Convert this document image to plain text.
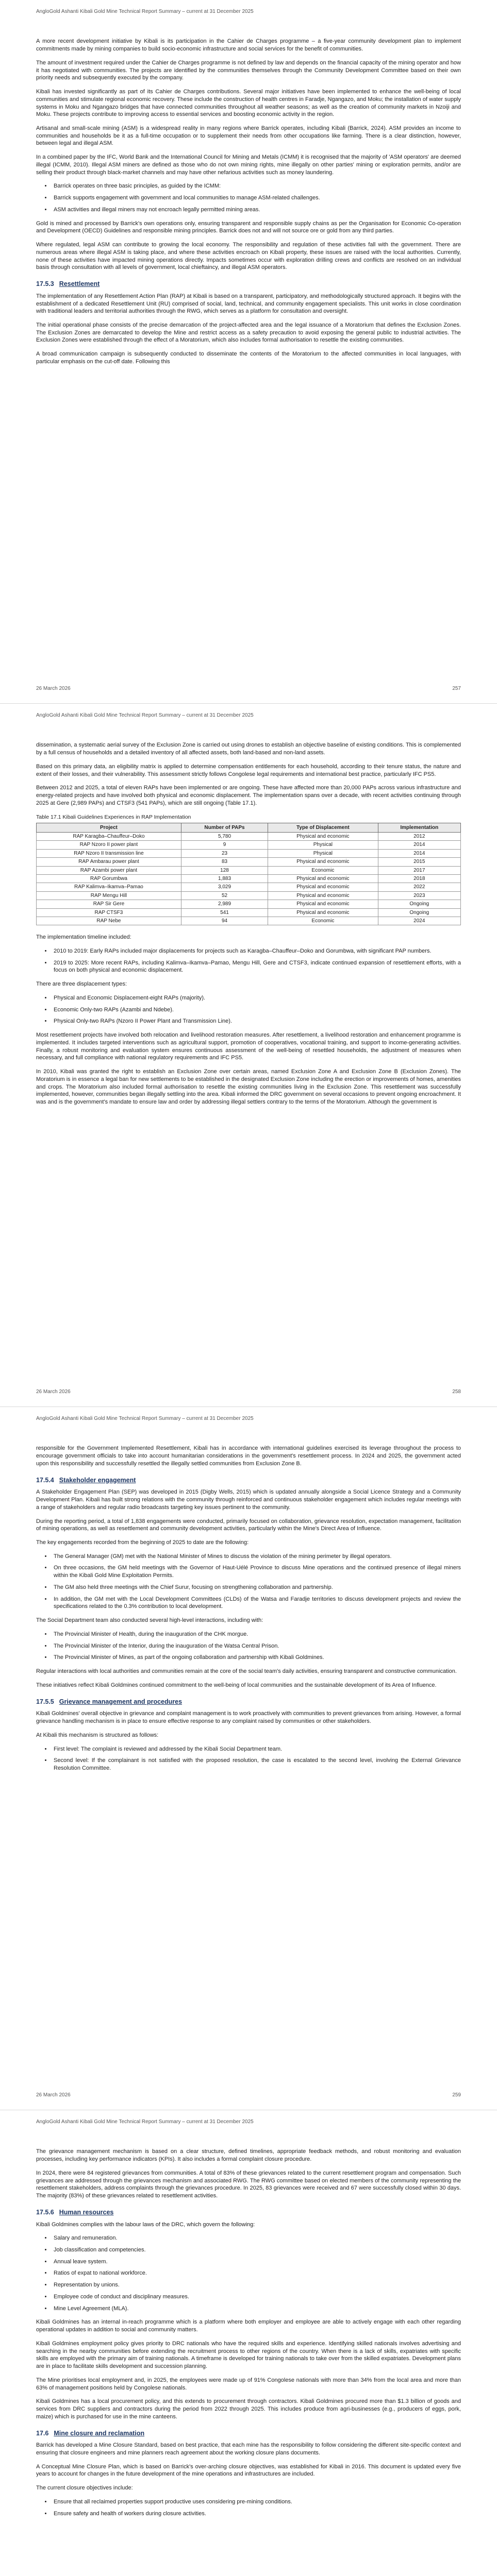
AngloGold Ashanti Kibali Gold Mine Technical Report Summary – current at 31 December 2025

A more recent development initiative by Kibali is its participation in the Cahier de Charges programme – a five-year community development plan to implement commitments made by mining companies to build socio-economic infrastructure and social services for the benefit of communities.

The amount of investment required under the Cahier de Charges programme is not defined by law and depends on the financial capacity of the mining operator and how it has negotiated with communities. The projects are identified by the communities themselves through the Community Development Committee based on their own priority needs and subsequently executed by the company.

Kibali has invested significantly as part of its Cahier de Charges contributions. Several major initiatives have been implemented to enhance the well-being of local communities and stimulate regional economic recovery. These include the construction of health centres in Faradje, Ngangazo, and Moku; the installation of water supply systems in Moku and Ngangazo bridges that have connected communities throughout all weather seasons; as well as the creation of community markets in Nzoiji and Moku. These projects contribute to improving access to essential services and boosting economic activity in the region.

Artisanal and small-scale mining (ASM) is a widespread reality in many regions where Barrick operates, including Kibali (Barrick, 2024). ASM provides an income to communities and households be it as a full-time occupation or to supplement their needs from other occupations like farming. There is a clear distinction, however, between legal and illegal ASM.

In a combined paper by the IFC, World Bank and the International Council for Mining and Metals (ICMM) it is recognised that the majority of 'ASM operators' are deemed illegal (ICMM, 2010). Illegal ASM miners are defined as those who do not own mining rights, mine illegally on other parties' mining or exploration permits, and/or are selling their product through black-market channels and may have other nefarious activities such as money laundering.

• Barrick operates on three basic principles, as guided by the ICMM:
• Barrick supports engagement with government and local communities to manage ASM-related challenges.
• ASM activities and illegal miners may not encroach legally permitted mining areas.

Gold is mined and processed by Barrick's own operations only, ensuring transparent and responsible supply chains as per the Organisation for Economic Co-operation and Development (OECD) Guidelines and responsible mining principles. Barrick does not and will not source ore or gold from any third parties.

Where regulated, legal ASM can contribute to growing the local economy. The responsibility and regulation of these activities fall with the government. There are numerous areas where illegal ASM is taking place, and where these activities encroach on Kibali property, these issues are raised with the local authorities. Currently, none of these activities have impacted mining operations directly. Impacts sometimes occur with exploration drilling crews and conflicts are resolved on an individual basis through consultation with all levels of government, local chieftaincy, and illegal ASM operators.

17.5.3 Resettlement

The implementation of any Resettlement Action Plan (RAP) at Kibali is based on a transparent, participatory, and methodologically structured approach. It begins with the establishment of a dedicated Resettlement Unit (RU) comprised of social, land, technical, and community engagement specialists. This unit works in close coordination with traditional leaders and territorial authorities through the RWG, which serves as a platform for consultation and oversight.

The initial operational phase consists of the precise demarcation of the project-affected area and the legal issuance of a Moratorium that defines the Exclusion Zones. The Exclusion Zones are demarcated to develop the Mine and restrict access as a safety precaution to avoid exposing the general public to industrial activities. The Exclusion Zones were established through the effect of a Moratorium, which also includes formal authorisation to resettle the existing communities.

A broad communication campaign is subsequently conducted to disseminate the contents of the Moratorium to the affected communities in local languages, with particular emphasis on the cut-off date. Following this

26 March 2026	257
AngloGold Ashanti Kibali Gold Mine Technical Report Summary – current at 31 December 2025

dissemination, a systematic aerial survey of the Exclusion Zone is carried out using drones to establish an objective baseline of existing conditions. This is complemented by a full census of households and a detailed inventory of all affected assets, both land-based and non-land assets.

Based on this primary data, an eligibility matrix is applied to determine compensation entitlements for each household, according to their tenure status, the nature and extent of their losses, and their vulnerability. This assessment strictly follows Congolese legal requirements and international best practice, particularly IFC PS5.

Between 2012 and 2025, a total of eleven RAPs have been implemented or are ongoing. These have affected more than 20,000 PAPs across various infrastructure and energy-related projects and have involved both physical and economic displacement. The implementation spans over a decade, with recent activities continuing through 2025 at Gere (2,989 PAPs) and CTSF3 (541 PAPs), which are still ongoing (Table 17.1).

Table 17.1 Kibali Guidelines Experiences in RAP Implementation
Project	Number of PAPs	Type of Displacement	Implementation
RAP Karagba–Chauffeur–Doko	5,780	Physical and economic	2012
RAP Nzoro II power plant	9	Physical	2014
RAP Nzoro II transmission line	23	Physical	2014
RAP Ambarau power plant	83	Physical and economic	2015
RAP Azambi power plant	128	Economic	2017
RAP Gorumbwa	1,883	Physical and economic	2018
RAP Kalimva–Ikamva–Pamao	3,029	Physical and economic	2022
RAP Mengu Hill	52	Physical and economic	2023
RAP Sir Gere	2,989	Physical and economic	Ongoing
RAP CTSF3	541	Physical and economic	Ongoing
RAP Nebe	94	Economic	2024

The implementation timeline included:

• 2010 to 2019: Early RAPs included major displacements for projects such as Karagba–Chauffeur–Doko and Gorumbwa, with significant PAP numbers.
• 2019 to 2025: More recent RAPs, including Kalimva–Ikamva–Pamao, Mengu Hill, Gere and CTSF3, indicate continued expansion of resettlement efforts, with a focus on both physical and economic displacement.

There are three displacement types:

• Physical and Economic Displacement-eight RAPs (majority).
• Economic Only-two RAPs (Azambi and Ndebe).
• Physical Only-two RAPs (Nzoro II Power Plant and Transmission Line).

Most resettlement projects have involved both relocation and livelihood restoration measures. After resettlement, a livelihood restoration and enhancement programme is implemented. It includes targeted interventions such as agricultural support, promotion of cooperatives, vocational training, and support to income-generating activities. Finally, a robust monitoring and evaluation system ensures continuous assessment of the well-being of resettled households, the adjustment of measures when necessary, and full compliance with national regulatory requirements and IFC PS5.

In 2010, Kibali was granted the right to establish an Exclusion Zone over certain areas, named Exclusion Zone A and Exclusion Zone B (Exclusion Zones). The Moratorium is in essence a legal ban for new settlements to be established in the designated Exclusion Zone including the erection or improvements of homes, amenities and crops. The Moratorium also included formal authorisation to resettle the existing communities living in the Exclusion Zone. This resettlement was successfully implemented, however, communities began illegally settling into the area. Kibali informed the DRC government on several occasions to prevent ongoing encroachment. It was and is the government's mandate to ensure law and order by addressing illegal settlers contrary to the terms of the Moratorium. Although the government is

26 March 2026	258
AngloGold Ashanti Kibali Gold Mine Technical Report Summary – current at 31 December 2025

responsible for the Government Implemented Resettlement, Kibali has in accordance with international guidelines exercised its leverage throughout the process to encourage government officials to take into account humanitarian considerations in the government's resettlement process. In 2024 and 2025, the government acted upon this responsibility and successfully resettled the illegally settled communities from Exclusion Zone B.

17.5.4 Stakeholder engagement

A Stakeholder Engagement Plan (SEP) was developed in 2015 (Digby Wells, 2015) which is updated annually alongside a Social Licence Strategy and a Community Development Plan. Kibali has built strong relations with the community through reinforced and continuous stakeholder engagement which includes regular meetings with a range of stakeholders and regular radio broadcasts targeting key issues pertinent to the community.

During the reporting period, a total of 1,838 engagements were conducted, primarily focused on collaboration, grievance resolution, expectation management, facilitation of mining operations, as well as resettlement and community development activities, particularly within the Mine's Direct Area of Influence.

The key engagements recorded from the beginning of 2025 to date are the following:

• The General Manager (GM) met with the National Minister of Mines to discuss the violation of the mining perimeter by illegal operators.
• On three occasions, the GM held meetings with the Governor of Haut-Uélé Province to discuss Mine operations and the continued presence of illegal miners within the Kibali Gold Mine Exploitation Permits.
• The GM also held three meetings with the Chief Surur, focusing on strengthening collaboration and partnership.
• In addition, the GM met with the Local Development Committees (CLDs) of the Watsa and Faradje territories to discuss development projects and review the specifications related to the 0.3% contribution to local development.

The Social Department team also conducted several high-level interactions, including with:

• The Provincial Minister of Health, during the inauguration of the CHK morgue.
• The Provincial Minister of the Interior, during the inauguration of the Watsa Central Prison.
• The Provincial Minister of Mines, as part of the ongoing collaboration and partnership with Kibali Goldmines.

Regular interactions with local authorities and communities remain at the core of the social team's daily activities, ensuring transparent and constructive communication.

These initiatives reflect Kibali Goldmines continued commitment to the well-being of local communities and the sustainable development of its Area of Influence.

17.5.5 Grievance management and procedures

Kibali Goldmines' overall objective in grievance and complaint management is to work proactively with communities to prevent grievances from arising. However, a formal grievance handling mechanism is in place to ensure effective response to any complaint raised by communities or other stakeholders.

At Kibali this mechanism is structured as follows:

• First level: The complaint is reviewed and addressed by the Kibali Social Department team.
• Second level: If the complainant is not satisfied with the proposed resolution, the case is escalated to the second level, involving the External Grievance Resolution Committee.
26 March 2026	259
AngloGold Ashanti Kibali Gold Mine Technical Report Summary – current at 31 December 2025

The grievance management mechanism is based on a clear structure, defined timelines, appropriate feedback methods, and robust monitoring and evaluation processes, including key performance indicators (KPIs). It also includes a formal complaint closure procedure.

In 2024, there were 84 registered grievances from communities. A total of 83% of these grievances related to the current resettlement program and compensation. Such grievances are addressed through the grievances mechanism and associated RWG. The RWG committee based on elected members of the community representing the resettlement stakeholders, address complaints through the grievances procedure. In 2025, 83 grievances were received and 67 were successfully closed within 30 days. The majority (83%) of these grievances related to resettlement activities.

17.5.6 Human resources

Kibali Goldmines complies with the labour laws of the DRC, which govern the following:

• Salary and remuneration.
• Job classification and competencies.
• Annual leave system.
• Ratios of expat to national workforce.
• Representation by unions.
• Employee code of conduct and disciplinary measures.
• Mine Level Agreement (MLA).

Kibali Goldmines has an internal in-reach programme which is a platform where both employer and employee are able to actively engage with each other regarding operational updates in addition to social and community matters.

Kibali Goldmines employment policy gives priority to DRC nationals who have the required skills and experience. Identifying skilled nationals involves advertising and searching in the nearby communities before extending the recruitment process to other regions of the country. When there is a lack of skills, expatriates with specific skills are employed with the primary aim of training nationals. A timeframe is developed for training nationals to take over from the skilled expatriates. Development plans are in place to facilitate skills development and succession planning.

The Mine prioritises local employment and, in 2025, the employees were made up of 91% Congolese nationals with more than 34% from the local area and more than 63% of management positions held by Congolese nationals.

Kibali Goldmines has a local procurement policy, and this extends to procurement through contractors. Kibali Goldmines procured more than $1.3 billion of goods and services from DRC suppliers and contractors during the period from 2022 through 2025. This includes produce from agri-businesses (e.g., producers of eggs, pork, maize) which is purchased for use in the mine canteens.

17.6 Mine closure and reclamation

Barrick has developed a Mine Closure Standard, based on best practice, that each mine has the responsibility to follow considering the different site-specific context and ensuring that closure engineers and mine planners reach agreement about the working closure plans documents.

A Conceptual Mine Closure Plan, which is based on Barrick's over-arching closure objectives, was established for Kibali in 2016. This document is updated every five years to account for changes in the future development of the mine operations and infrastructures are included.

The current closure objectives include:

• Ensure that all reclaimed properties support productive uses considering pre-mining conditions.
• Ensure safety and health of workers during closure activities.
